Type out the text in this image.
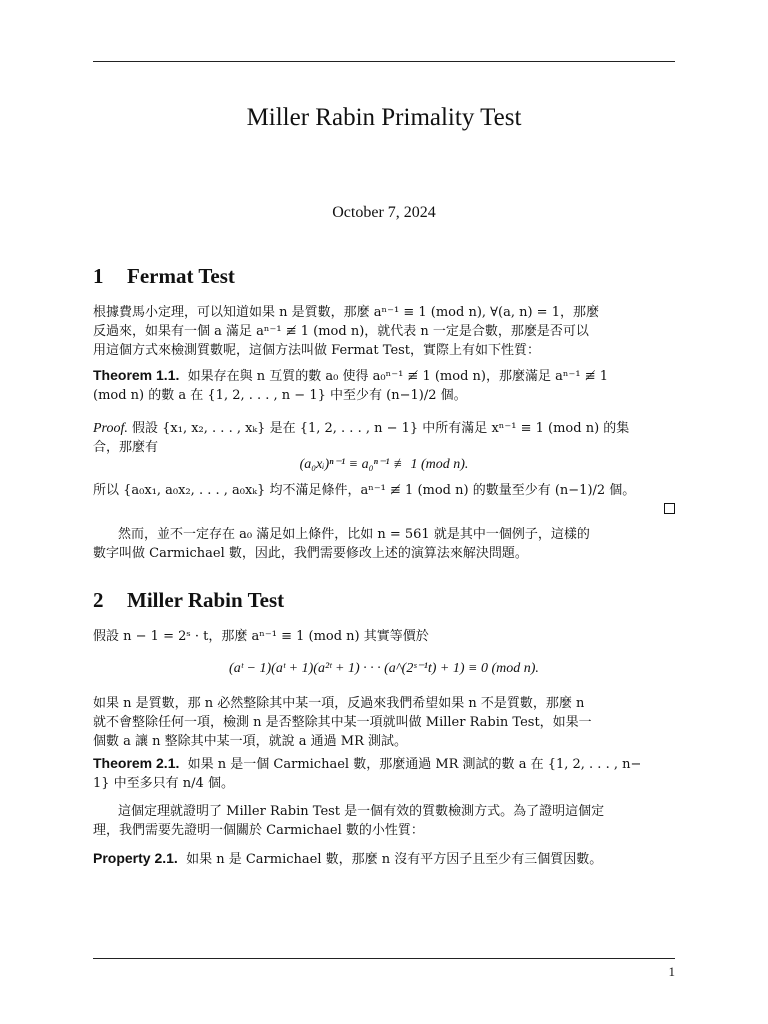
Miller Rabin Primality Test
October 7, 2024
1 Fermat Test
根據費馬小定理，可以知道如果 n 是質數，那麼 aⁿ⁻¹ ≡ 1 (mod n), ∀(a, n) = 1，那麼
反過來，如果有一個 a 滿足 aⁿ⁻¹ ≢ 1 (mod n)，就代表 n 一定是合數，那麼是否可以
用這個方式來檢測質數呢，這個方法叫做 Fermat Test，實際上有如下性質：
Theorem 1.1. 如果存在與 n 互質的數 a₀ 使得 a₀ⁿ⁻¹ ≢ 1 (mod n)，那麼滿足 aⁿ⁻¹ ≢ 1
(mod n) 的數 a 在 {1, 2, . . . , n − 1} 中至少有 (n−1)/2 個。
Proof. 假設 {x₁, x₂, . . . , xₖ} 是在 {1, 2, . . . , n − 1} 中所有滿足 xⁿ⁻¹ ≡ 1 (mod n) 的集
合，那麼有
(a₀xᵢ)ⁿ⁻¹ ≡ a₀ⁿ⁻¹ ≢ 1 (mod n).
所以 {a₀x₁, a₀x₂, . . . , a₀xₖ} 均不滿足條件，aⁿ⁻¹ ≢ 1 (mod n) 的數量至少有 (n−1)/2 個。
然而，並不一定存在 a₀ 滿足如上條件，比如 n = 561 就是其中一個例子，這樣的
數字叫做 Carmichael 數，因此，我們需要修改上述的演算法來解決問題。
2 Miller Rabin Test
假設 n − 1 = 2ˢ · t，那麼 aⁿ⁻¹ ≡ 1 (mod n) 其實等價於
(aᵗ − 1)(aᵗ + 1)(a²ᵗ + 1) · · · (a^(2ˢ⁻¹t) + 1) ≡ 0 (mod n).
如果 n 是質數，那 n 必然整除其中某一項，反過來我們希望如果 n 不是質數，那麼 n
就不會整除任何一項，檢測 n 是否整除其中某一項就叫做 Miller Rabin Test，如果一
個數 a 讓 n 整除其中某一項，就說 a 通過 MR 測試。
Theorem 2.1. 如果 n 是一個 Carmichael 數，那麼通過 MR 測試的數 a 在 {1, 2, . . . , n−
1} 中至多只有 n/4 個。
這個定理就證明了 Miller Rabin Test 是一個有效的質數檢測方式。為了證明這個定
理，我們需要先證明一個關於 Carmichael 數的小性質：
Property 2.1. 如果 n 是 Carmichael 數，那麼 n 沒有平方因子且至少有三個質因數。
1
